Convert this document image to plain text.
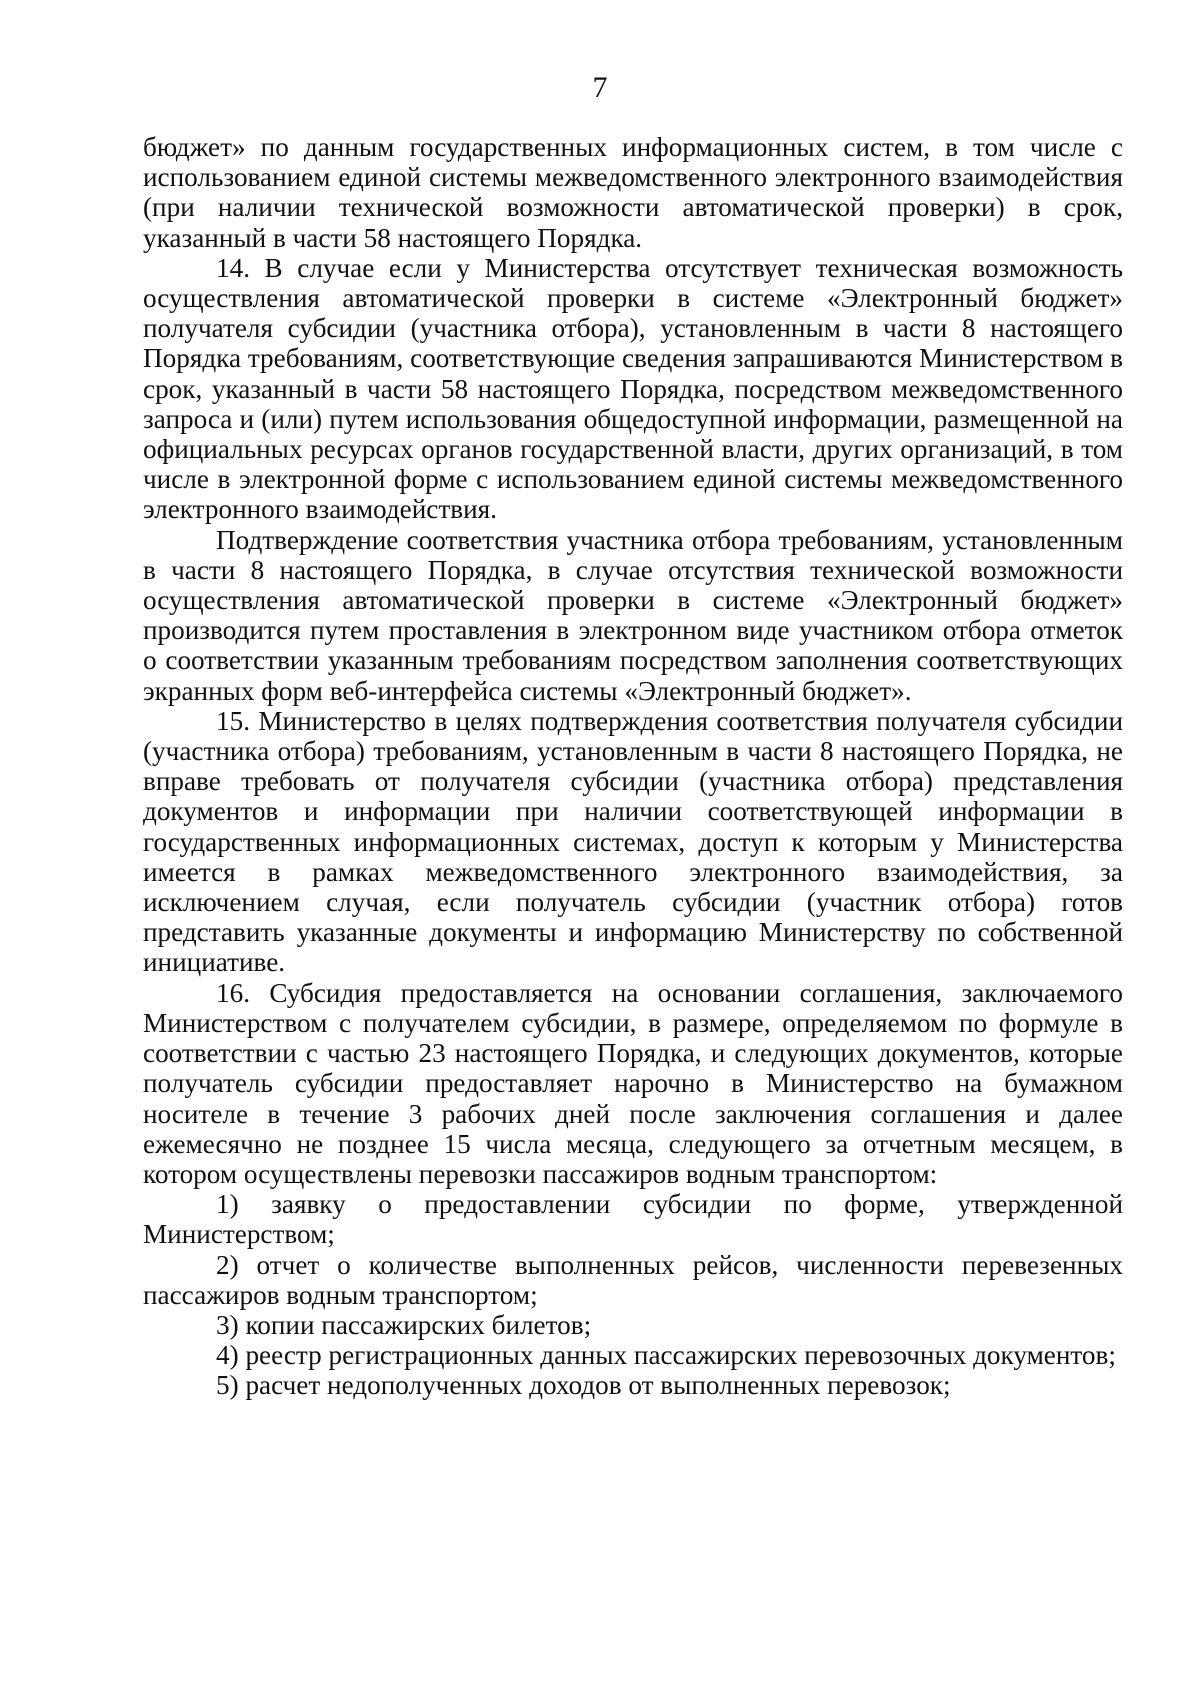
7

бюджет» по данным государственных информационных систем, в том числе с использованием единой системы межведомственного электронного взаимодействия (при наличии технической возможности автоматической проверки) в срок, указанный в части 58 настоящего Порядка.

14. В случае если у Министерства отсутствует техническая возможность осуществления автоматической проверки в системе «Электронный бюджет» получателя субсидии (участника отбора), установленным в части 8 настоящего Порядка требованиям, соответствующие сведения запрашиваются Министерством в срок, указанный в части 58 настоящего Порядка, посредством межведомственного запроса и (или) путем использования общедоступной информации, размещенной на официальных ресурсах органов государственной власти, других организаций, в том числе в электронной форме с использованием единой системы межведомственного электронного взаимодействия.

Подтверждение соответствия участника отбора требованиям, установленным в части 8 настоящего Порядка, в случае отсутствия технической возможности осуществления автоматической проверки в системе «Электронный бюджет» производится путем проставления в электронном виде участником отбора отметок о соответствии указанным требованиям посредством заполнения соответствующих экранных форм веб-интерфейса системы «Электронный бюджет».

15. Министерство в целях подтверждения соответствия получателя субсидии (участника отбора) требованиям, установленным в части 8 настоящего Порядка, не вправе требовать от получателя субсидии (участника отбора) представления документов и информации при наличии соответствующей информации в государственных информационных системах, доступ к которым у Министерства имеется в рамках межведомственного электронного взаимодействия, за исключением случая, если получатель субсидии (участник отбора) готов представить указанные документы и информацию Министерству по собственной инициативе.

16. Субсидия предоставляется на основании соглашения, заключаемого Министерством с получателем субсидии, в размере, определяемом по формуле в соответствии с частью 23 настоящего Порядка, и следующих документов, которые получатель субсидии предоставляет нарочно в Министерство на бумажном носителе в течение 3 рабочих дней после заключения соглашения и далее ежемесячно не позднее 15 числа месяца, следующего за отчетным месяцем, в котором осуществлены перевозки пассажиров водным транспортом:

1) заявку о предоставлении субсидии по форме, утвержденной Министерством;

2) отчет о количестве выполненных рейсов, численности перевезенных пассажиров водным транспортом;

3) копии пассажирских билетов;

4) реестр регистрационных данных пассажирских перевозочных документов;

5) расчет недополученных доходов от выполненных перевозок;
